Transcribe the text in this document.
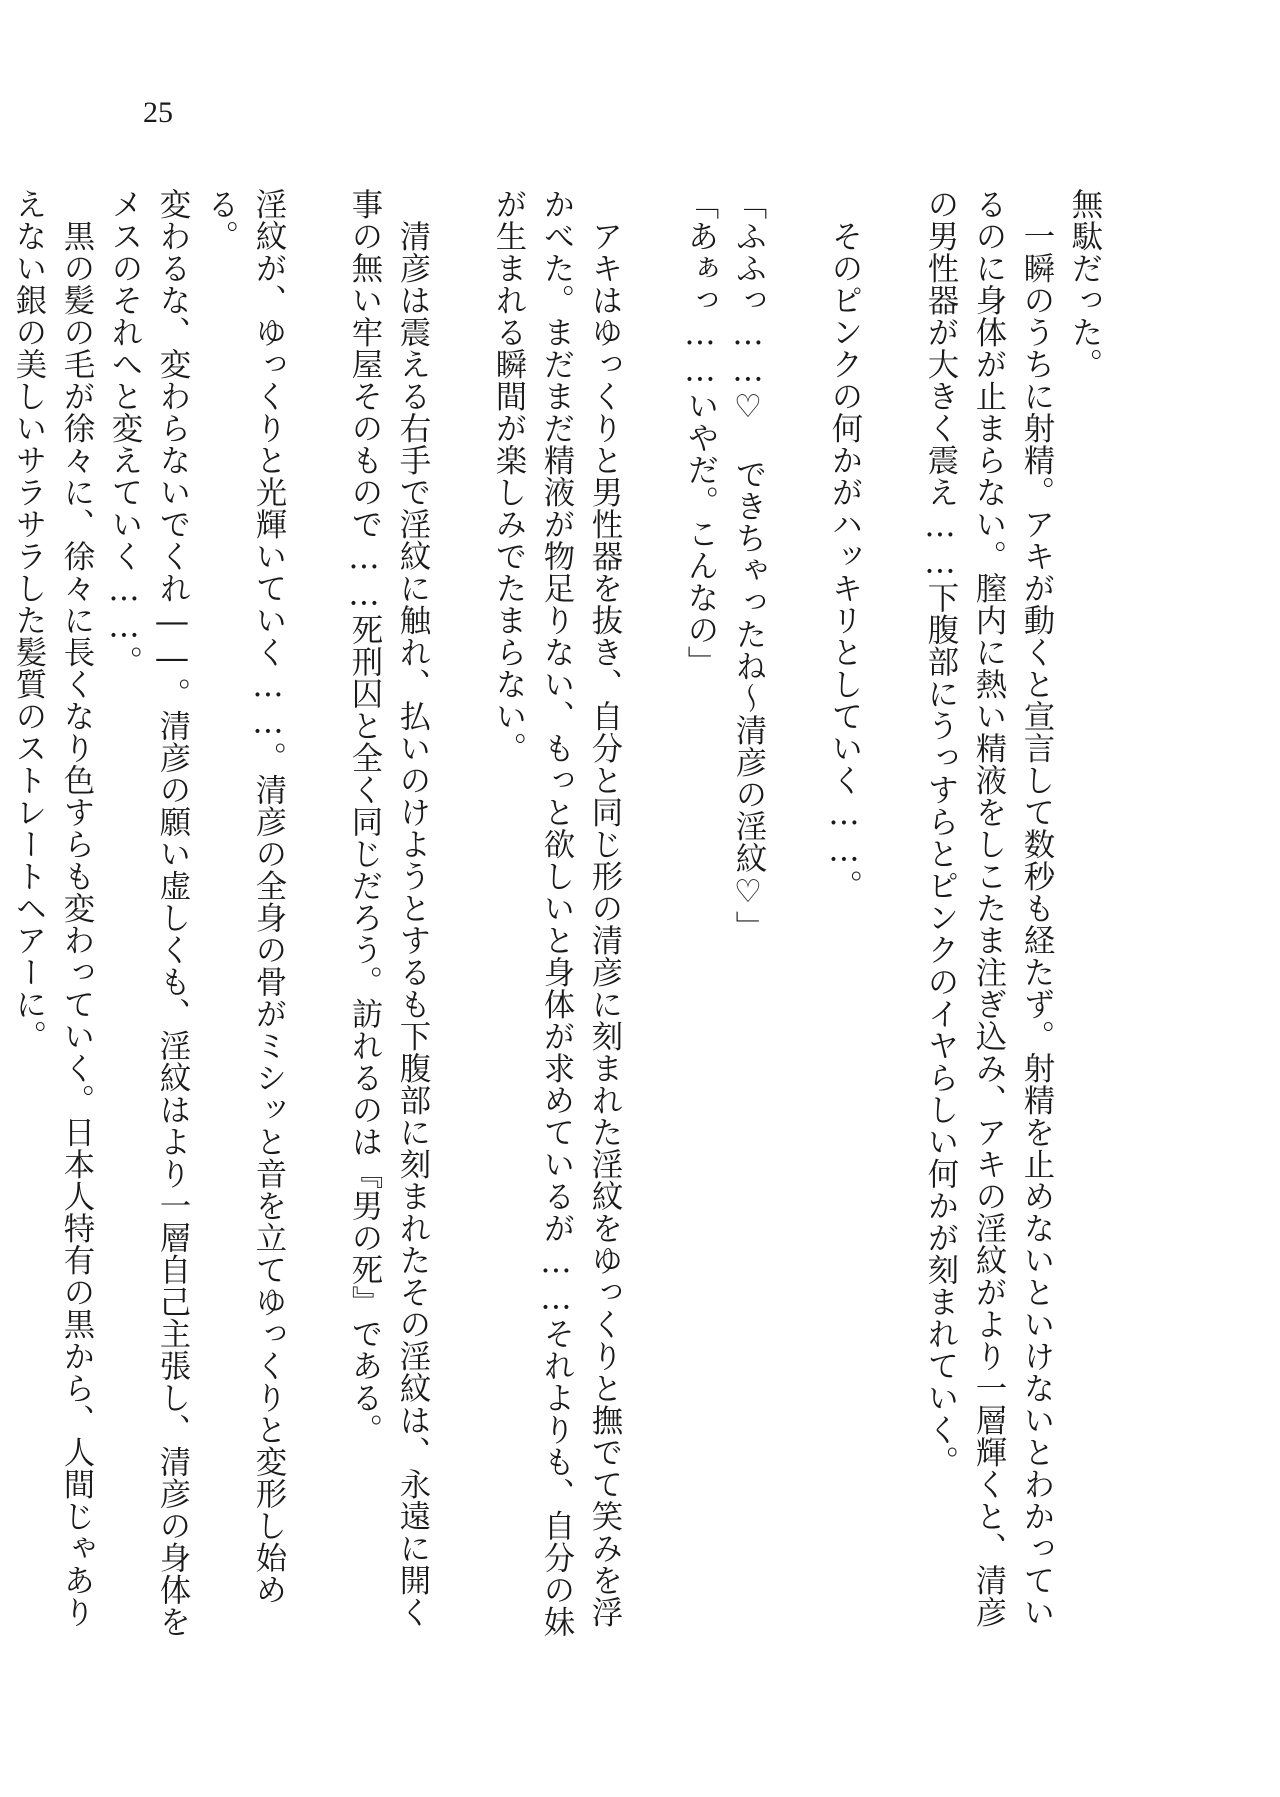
25

無駄だった。

　一瞬のうちに射精。アキが動くと宣言して数秒も経たず。射精を止めないといけないとわかっているのに身体が止まらない。膣内に熱い精液をしこたま注ぎ込み、アキの淫紋がより一層輝くと、清彦の男性器が大きく震え……下腹部にうっすらとピンクのイヤらしい何かが刻まれていく。

　そのピンクの何かがハッキリとしていく……。

「ふふっ……♡　できちゃったね〜清彦の淫紋♡」

「あぁっ……いやだ。こんなの」

　アキはゆっくりと男性器を抜き、自分と同じ形の清彦に刻まれた淫紋をゆっくりと撫でて笑みを浮かべた。まだまだ精液が物足りない、もっと欲しいと身体が求めているが……それよりも、自分の妹が生まれる瞬間が楽しみでたまらない。

　清彦は震える右手で淫紋に触れ、払いのけようとするも下腹部に刻まれたその淫紋は、永遠に開く事の無い牢屋そのもので……死刑囚と全く同じだろう。訪れるのは『男の死』である。

淫紋が、ゆっくりと光輝いていく……。清彦の全身の骨がミシッと音を立てゆっくりと変形し始める。

変わるな、変わらないでくれ――。清彦の願い虚しくも、淫紋はより一層自己主張し、清彦の身体をメスのそれへと変えていく……。

　黒の髪の毛が徐々に、徐々に長くなり色すらも変わっていく。日本人特有の黒から、人間じゃありえない銀の美しいサラサラした髪質のストレートヘアーに。
